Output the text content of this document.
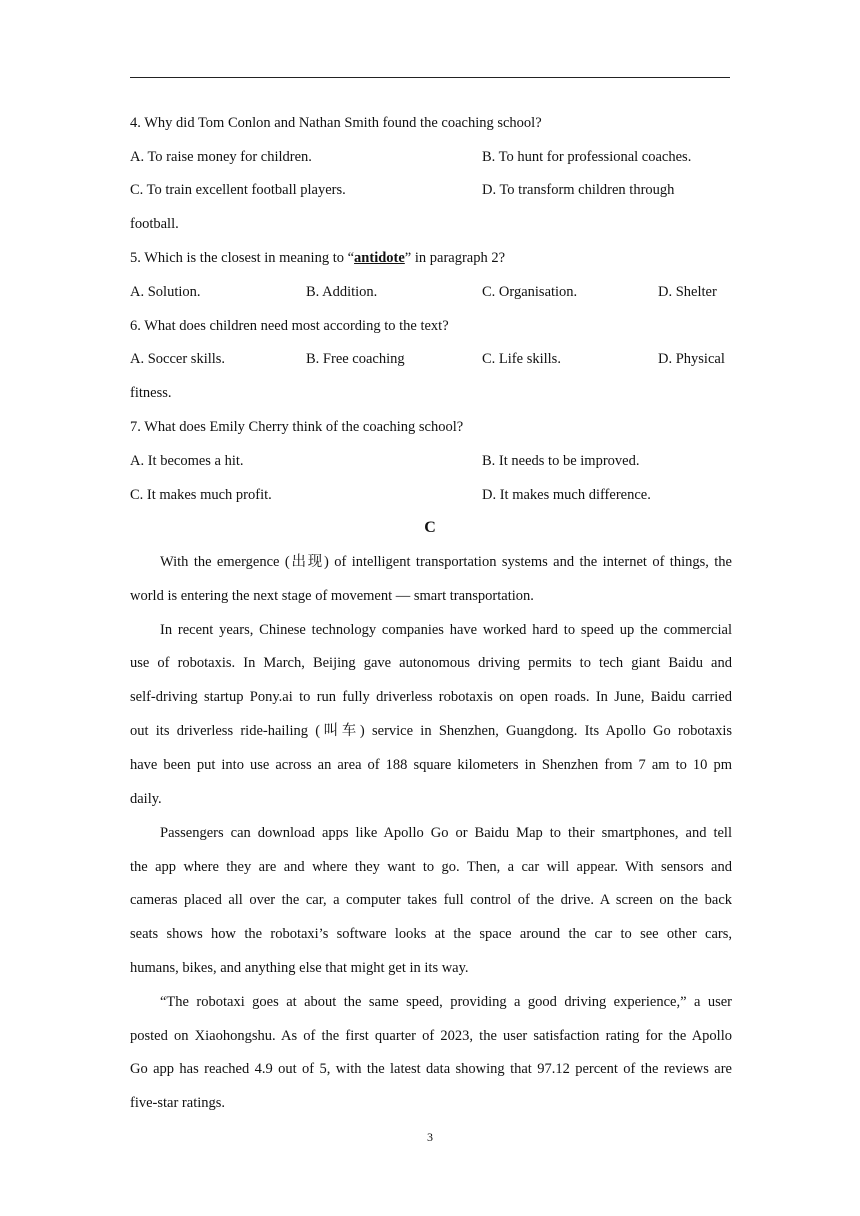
4. Why did Tom Conlon and Nathan Smith found the coaching school?
A. To raise money for children.	B. To hunt for professional coaches.
C. To train excellent football players.	D. To transform children through
football.
5. Which is the closest in meaning to “antidote” in paragraph 2?
A. Solution.	B. Addition.	C. Organisation.	D. Shelter
6. What does children need most according to the text?
A. Soccer skills.	B. Free coaching	C. Life skills.	D. Physical
fitness.
7. What does Emily Cherry think of the coaching school?
A. It becomes a hit.	B. It needs to be improved.
C. It makes much profit.	D. It makes much difference.
C
With the emergence (出现) of intelligent transportation systems and the internet of things, the
world is entering the next stage of movement — smart transportation.
In recent years, Chinese technology companies have worked hard to speed up the commercial
use of robotaxis. In March, Beijing gave autonomous driving permits to tech giant Baidu and
self-driving startup Pony.ai to run fully driverless robotaxis on open roads. In June, Baidu carried
out its driverless ride-hailing (叫车) service in Shenzhen, Guangdong. Its Apollo Go robotaxis
have been put into use across an area of 188 square kilometers in Shenzhen from 7 am to 10 pm
daily.
Passengers can download apps like Apollo Go or Baidu Map to their smartphones, and tell
the app where they are and where they want to go. Then, a car will appear. With sensors and
cameras placed all over the car, a computer takes full control of the drive. A screen on the back
seats shows how the robotaxi’s software looks at the space around the car to see other cars,
humans, bikes, and anything else that might get in its way.
“The robotaxi goes at about the same speed, providing a good driving experience,” a user
posted on Xiaohongshu. As of the first quarter of 2023, the user satisfaction rating for the Apollo
Go app has reached 4.9 out of 5, with the latest data showing that 97.12 percent of the reviews are
five-star ratings.
3
